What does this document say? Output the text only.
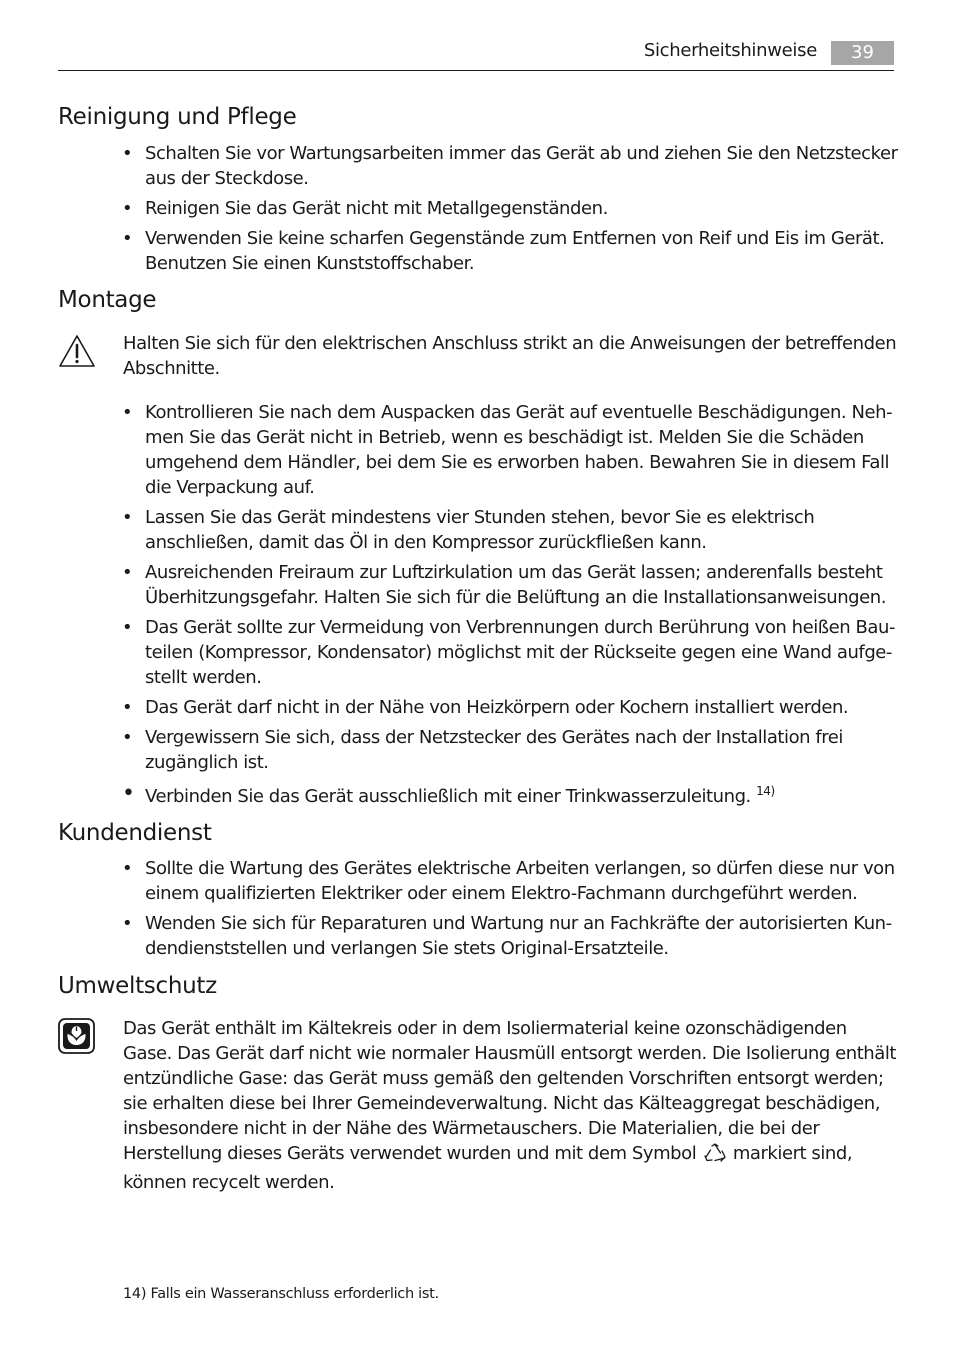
Sicherheitshinweise	39
Reinigung und Pflege
• Schalten Sie vor Wartungsarbeiten immer das Gerät ab und ziehen Sie den Netzstecker aus der Steckdose.
• Reinigen Sie das Gerät nicht mit Metallgegenständen.
• Verwenden Sie keine scharfen Gegenstände zum Entfernen von Reif und Eis im Gerät. Benutzen Sie einen Kunststoffschaber.
Montage

Halten Sie sich für den elektrischen Anschluss strikt an die Anweisungen der betreffenden Abschnitte.

• Kontrollieren Sie nach dem Auspacken das Gerät auf eventuelle Beschädigungen. Nehmen Sie das Gerät nicht in Betrieb, wenn es beschädigt ist. Melden Sie die Schäden umgehend dem Händler, bei dem Sie es erworben haben. Bewahren Sie in diesem Fall die Verpackung auf.
• Lassen Sie das Gerät mindestens vier Stunden stehen, bevor Sie es elektrisch anschließen, damit das Öl in den Kompressor zurückfließen kann.
• Ausreichenden Freiraum zur Luftzirkulation um das Gerät lassen; anderenfalls besteht Überhitzungsgefahr. Halten Sie sich für die Belüftung an die Installationsanweisungen.
• Das Gerät sollte zur Vermeidung von Verbrennungen durch Berührung von heißen Bauteilen (Kompressor, Kondensator) möglichst mit der Rückseite gegen eine Wand aufgestellt werden.
• Das Gerät darf nicht in der Nähe von Heizkörpern oder Kochern installiert werden.
• Vergewissern Sie sich, dass der Netzstecker des Gerätes nach der Installation frei zugänglich ist.
• Verbinden Sie das Gerät ausschließlich mit einer Trinkwasserzuleitung. $^{14)}$
Kundendienst
• Sollte die Wartung des Gerätes elektrische Arbeiten verlangen, so dürfen diese nur von einem qualifizierten Elektriker oder einem Elektro-Fachmann durchgeführt werden.
• Wenden Sie sich für Reparaturen und Wartung nur an Fachkräfte der autorisierten Kundendienststellen und verlangen Sie stets Original-Ersatzteile.
Umweltschutz

Das Gerät enthält im Kältekreis oder in dem Isoliermaterial keine ozonschädigenden Gase. Das Gerät darf nicht wie normaler Hausmüll entsorgt werden. Die Isolierung enthält entzündliche Gase: das Gerät muss gemäß den geltenden Vorschriften entsorgt werden; sie erhalten diese bei Ihrer Gemeindeverwaltung. Nicht das Kälteaggregat beschädigen, insbesondere nicht in der Nähe des Wärmetauschers. Die Materialien, die bei der Herstellung dieses Geräts verwendet wurden und mit dem Symbol markiert sind, können recycelt werden.

14) Falls ein Wasseranschluss erforderlich ist.
